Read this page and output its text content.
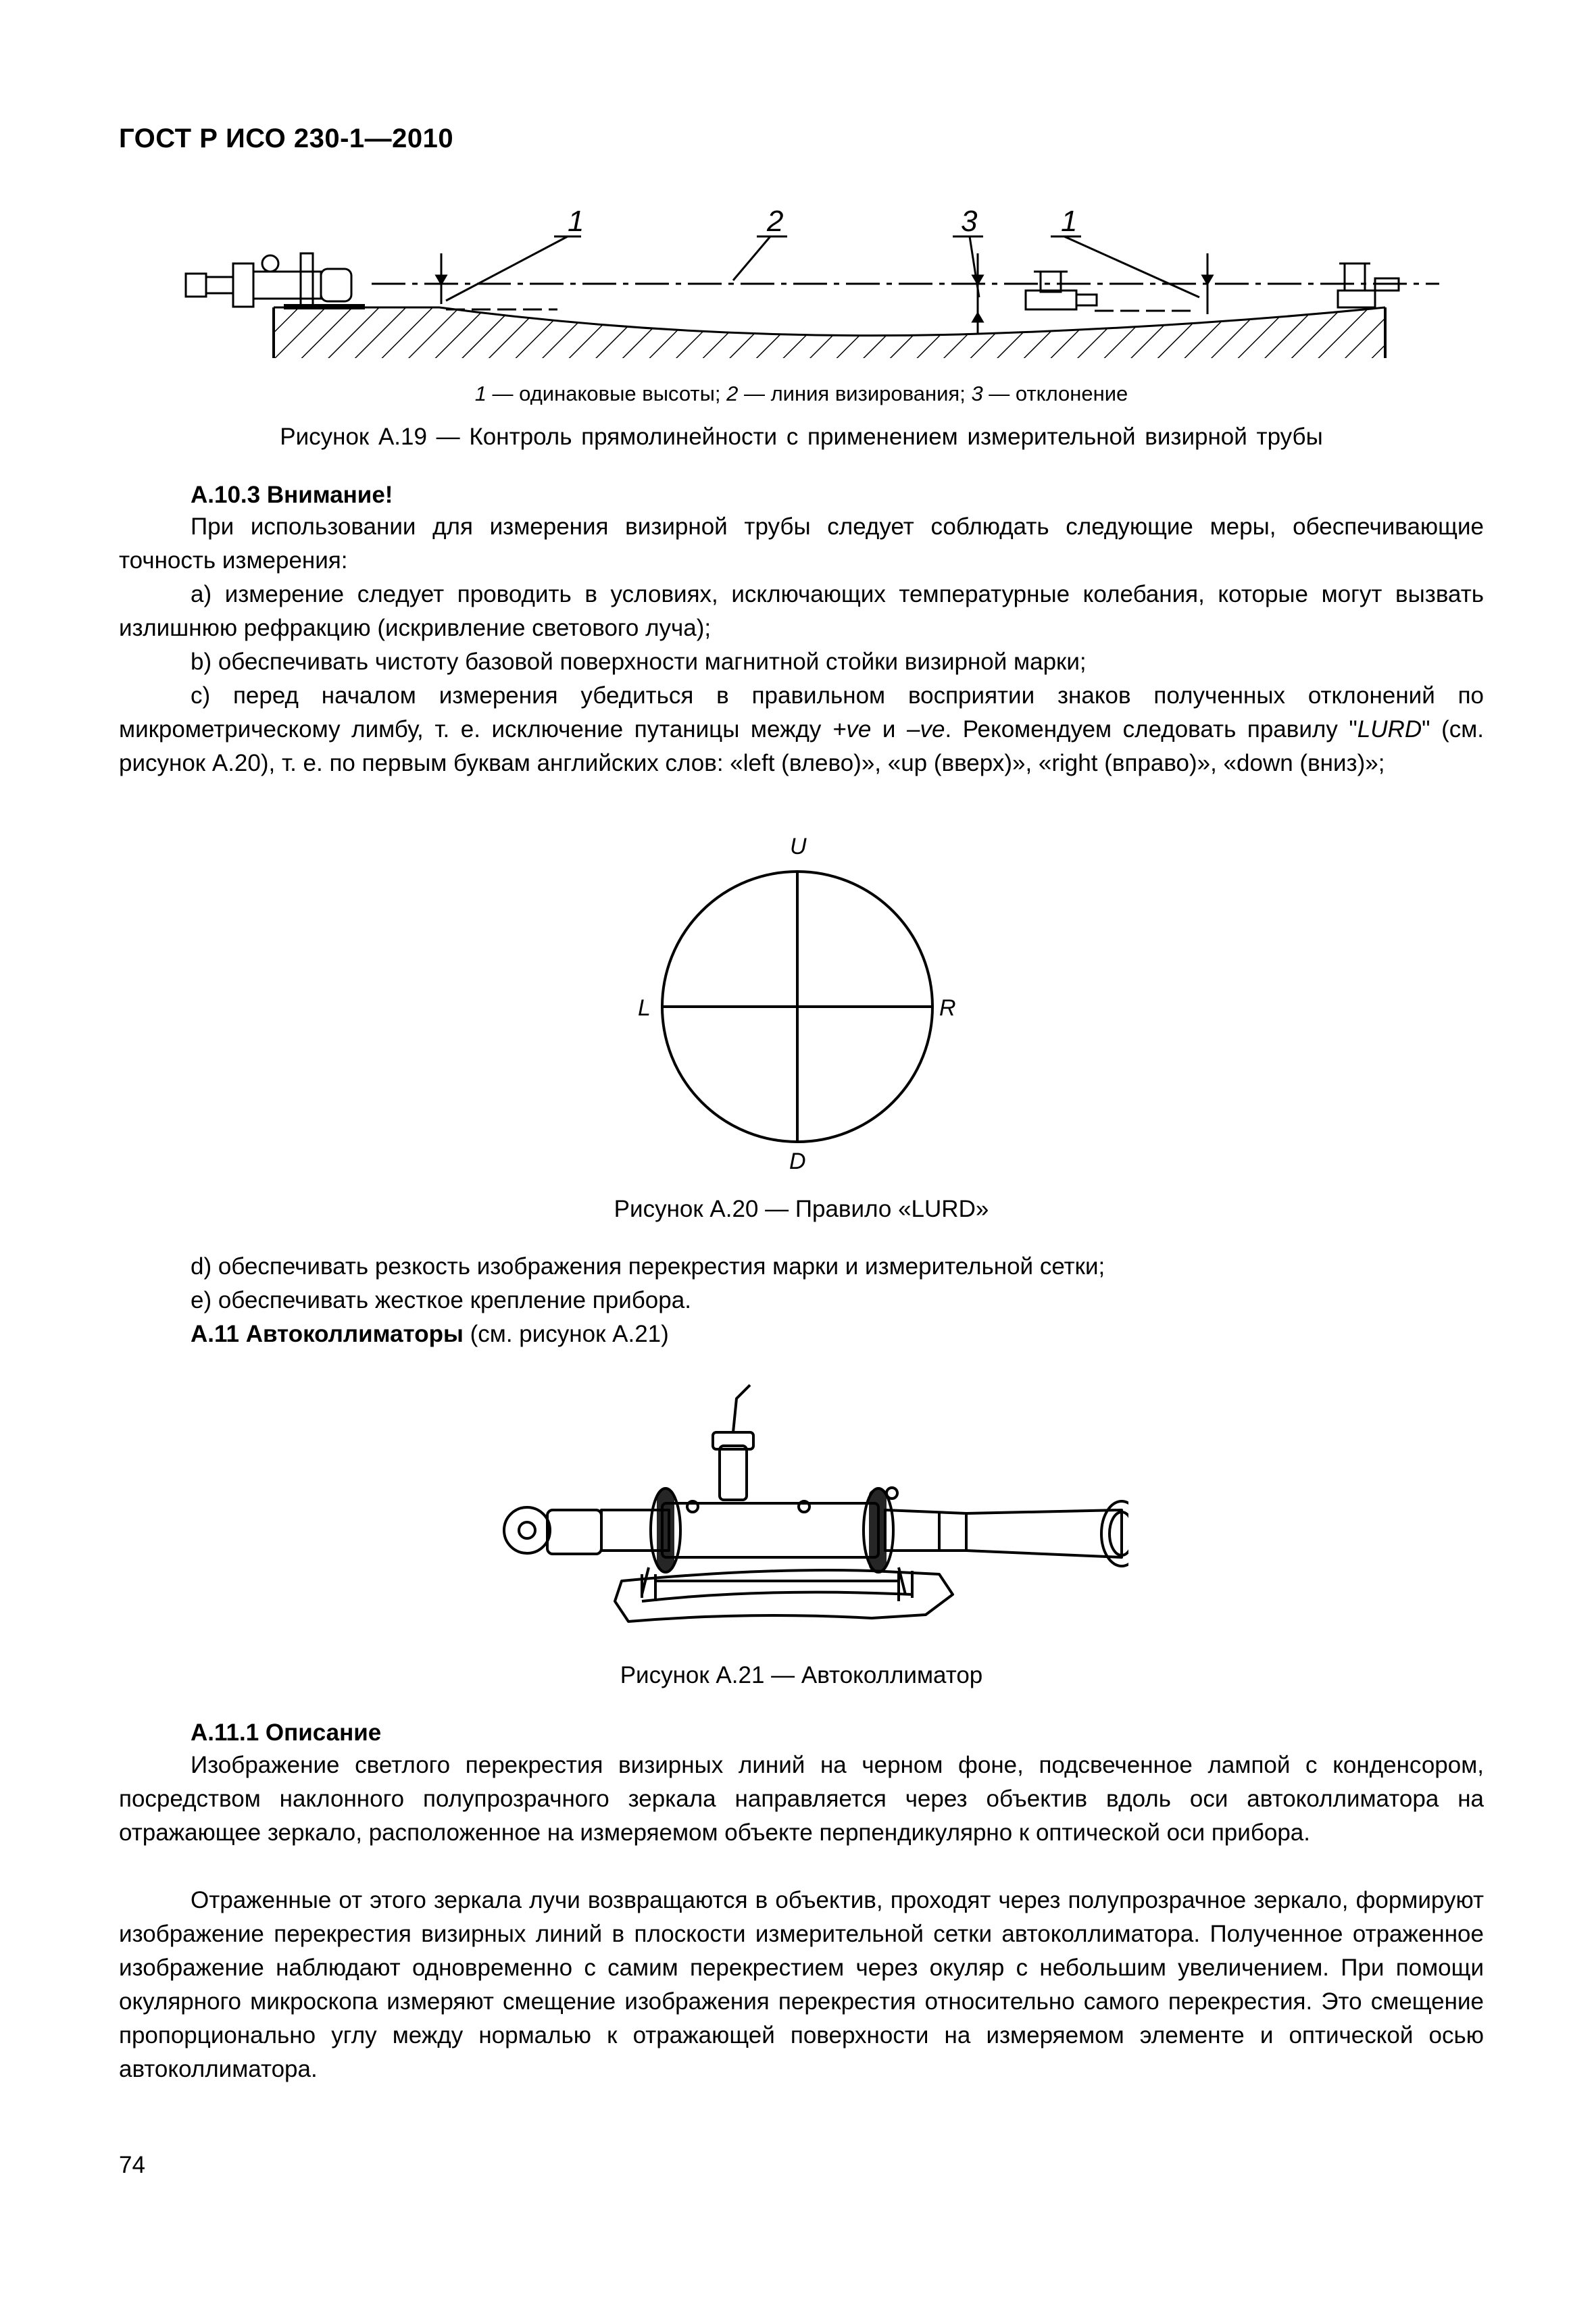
ГОСТ Р ИСО 230-1—2010
1	2	3	1
1 — одинаковые высоты; 2 — линия визирования; 3 — отклонение
Рисунок А.19 — Контроль прямолинейности с применением измерительной визирной трубы
А.10.3 Внимание!
При использовании для измерения визирной трубы следует соблюдать следующие меры, обеспечивающие точность измерения:
а) измерение следует проводить в условиях, исключающих температурные колебания, которые могут вызвать излишнюю рефракцию (искривление светового луча);
b) обеспечивать чистоту базовой поверхности магнитной стойки визирной марки;
с) перед началом измерения убедиться в правильном восприятии знаков полученных отклонений по микрометрическому лимбу, т. е. исключение путаницы между +ve и –ve. Рекомендуем следовать правилу "LURD" (см. рисунок А.20), т. е. по первым буквам английских слов: «left (влево)», «up (вверх)», «right (вправо)», «down (вниз)»;
U
L	R
D
Рисунок А.20 — Правило «LURD»
d) обеспечивать резкость изображения перекрестия марки и измерительной сетки;
е) обеспечивать жесткое крепление прибора.
А.11 Автоколлиматоры (см. рисунок А.21)
Рисунок А.21 — Автоколлиматор
А.11.1 Описание
Изображение светлого перекрестия визирных линий на черном фоне, подсвеченное лампой с конденсором, посредством наклонного полупрозрачного зеркала направляется через объектив вдоль оси автоколлиматора на отражающее зеркало, расположенное на измеряемом объекте перпендикулярно к оптической оси прибора.
Отраженные от этого зеркала лучи возвращаются в объектив, проходят через полупрозрачное зеркало, формируют изображение перекрестия визирных линий в плоскости измерительной сетки автоколлиматора. Полученное отраженное изображение наблюдают одновременно с самим перекрестием через окуляр с небольшим увеличением. При помощи окулярного микроскопа измеряют смещение изображения перекрестия относительно самого перекрестия. Это смещение пропорционально углу между нормалью к отражающей поверхности на измеряемом элементе и оптической осью автоколлиматора.
74
